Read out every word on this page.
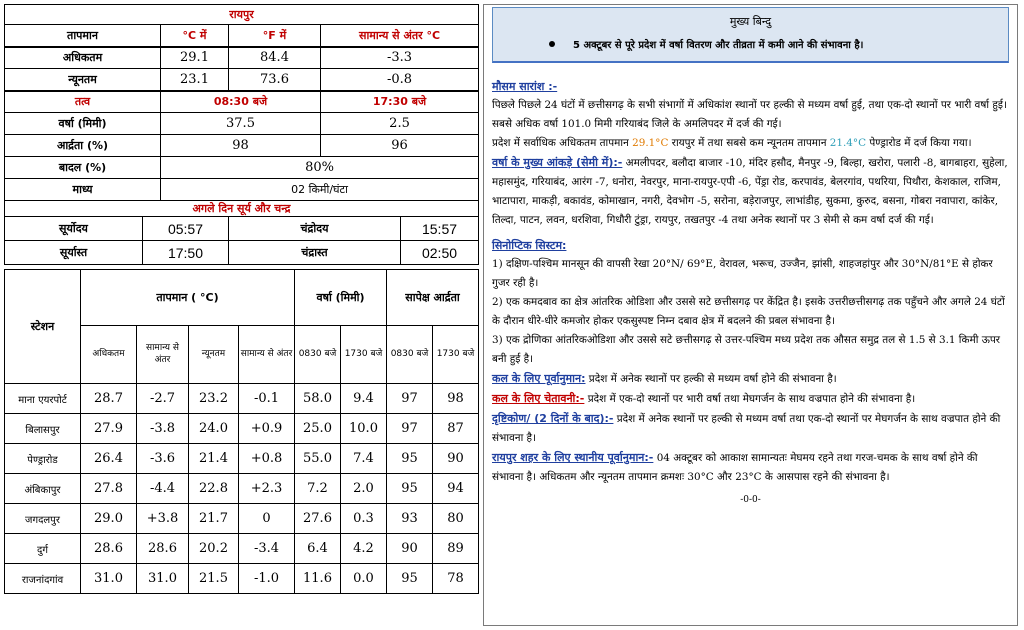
रायपुर			
तापमान	°C में	°F में	सामान्य से अंतर °C
अधिकतम	29.1	84.4	-3.3
न्यूनतम	23.1	73.6	-0.8
तत्व	08:30 बजे		17:30 बजे
वर्षा (मिमी)	37.5		2.5
आर्द्रता (%)	98		96
बादल (%)	80%		
माध्य	02 किमी/घंटा		
अगले दिन सूर्य और चन्द्र			
सूर्योदय	05:57	चंद्रोदय	15:57
सूर्यास्त	17:50	चंद्रास्त	02:50
स्टेशन	तापमान ( °C)				वर्षा (मिमी)		सापेक्ष आर्द्रता	
	अधिकतम	सामान्य से अंतर	न्यूनतम	सामान्य से अंतर	0830 बजे	1730 बजे	0830 बजे	1730 बजे
माना एयरपोर्ट	28.7	-2.7	23.2	-0.1	58.0	9.4	97	98
बिलासपुर	27.9	-3.8	24.0	+0.9	25.0	10.0	97	87
पेण्ड्रारोड	26.4	-3.6	21.4	+0.8	55.0	7.4	95	90
अंबिकापुर	27.8	-4.4	22.8	+2.3	7.2	2.0	95	94
जगदलपुर	29.0	+3.8	21.7	0	27.6	0.3	93	80
दुर्ग	28.6	28.6	20.2	-3.4	6.4	4.2	90	89
राजनांदगांव	31.0	31.0	21.5	-1.0	11.6	0.0	95	78
मुख्य बिन्दु
5 अक्टूबर से पूरे प्रदेश में वर्षा वितरण और तीव्रता में कमी आने की संभावना है।
मौसम सारांश :-

पिछले पिछले 24 घंटों में छत्तीसगढ़ के सभी संभागों में अधिकांश स्थानों पर हल्की से मध्यम वर्षा हुई, तथा एक-दो स्थानों पर भारी वर्षा हुई। सबसे अधिक वर्षा 101.0 मिमी गरियाबंद जिले के अमलिपदर में दर्ज की गई।

प्रदेश में सर्वाधिक अधिकतम तापमान 29.1°C रायपुर में तथा सबसे कम न्यूनतम तापमान 21.4°C पेण्ड्रारोड में दर्ज किया गया।

वर्षा के मुख्य आंकड़े (सेमी में):- अमलीपदर, बलौदा बाजार -10, मंदिर हसौद, मैनपुर -9, बिल्हा, खरोरा, पलारी -8, बागबाहरा, सुहेला, महासमुंद, गरियाबंद, आरंग -7, धनोरा, नेवरपुर, माना-रायपुर-एपी -6, पेंड्रा रोड, करपावंड, बेलरगांव, पथरिया, पिथौरा, केशकाल, राजिम, भाटापारा, माकड़ी, बकावंड, कोमाखान, नगरी, देवभोग -5, सरोना, बड़ेराजपुर, लाभांडीह, सुकमा, कुरुद, बसना, गोबरा नवापारा, कांकेर, तिल्दा, पाटन, लवन, धरशिवा, गिधौरी टुंड्रा, रायपुर, तखतपुर -4 तथा अनेक स्थानों पर 3 सेमी से कम वर्षा दर्ज की गई।

सिनोप्टिक सिस्टम:

1) दक्षिण-पश्चिम मानसून की वापसी रेखा 20°N/ 69°E, वेरावल, भरूच, उज्जैन, झांसी, शाहजहांपुर और 30°N/81°E से होकर गुजर रही है।

2) एक कमदबाव का क्षेत्र आंतरिक ओडिशा और उससे सटे छत्तीसगढ़ पर केंद्रित है। इसके उत्तरीछत्तीसगढ़ तक पहुँचने और अगले 24 घंटों के दौरान धीरे-धीरे कमजोर होकर एकसुस्पष्ट निम्न दबाव क्षेत्र में बदलने की प्रबल संभावना है।

3) एक द्रोणिका आंतरिकओडिशा और उससे सटे छत्तीसगढ़ से उत्तर-पश्चिम मध्य प्रदेश तक औसत समुद्र तल से 1.5 से 3.1 किमी ऊपर बनी हुई है।

कल के लिए पूर्वानुमान: प्रदेश में अनेक स्थानों पर हल्की से मध्यम वर्षा होने की संभावना है।

कल के लिए चेतावनी:- प्रदेश में एक-दो स्थानों पर भारी वर्षा तथा मेघगर्जन के साथ वज्रपात होने की संभावना है।

दृष्टिकोण/ (2 दिनों के बाद):- प्रदेश में अनेक स्थानों पर हल्की से मध्यम वर्षा तथा एक-दो स्थानों पर मेघगर्जन के साथ वज्रपात होने की संभावना है।

रायपुर शहर के लिए स्थानीय पूर्वानुमान:- 04 अक्टूबर को आकाश सामान्यतः मेघमय रहने तथा गरज-चमक के साथ वर्षा होने की संभावना है। अधिकतम और न्यूनतम तापमान क्रमशः 30°C और 23°C के आसपास रहने की संभावना है।

-0-0-
